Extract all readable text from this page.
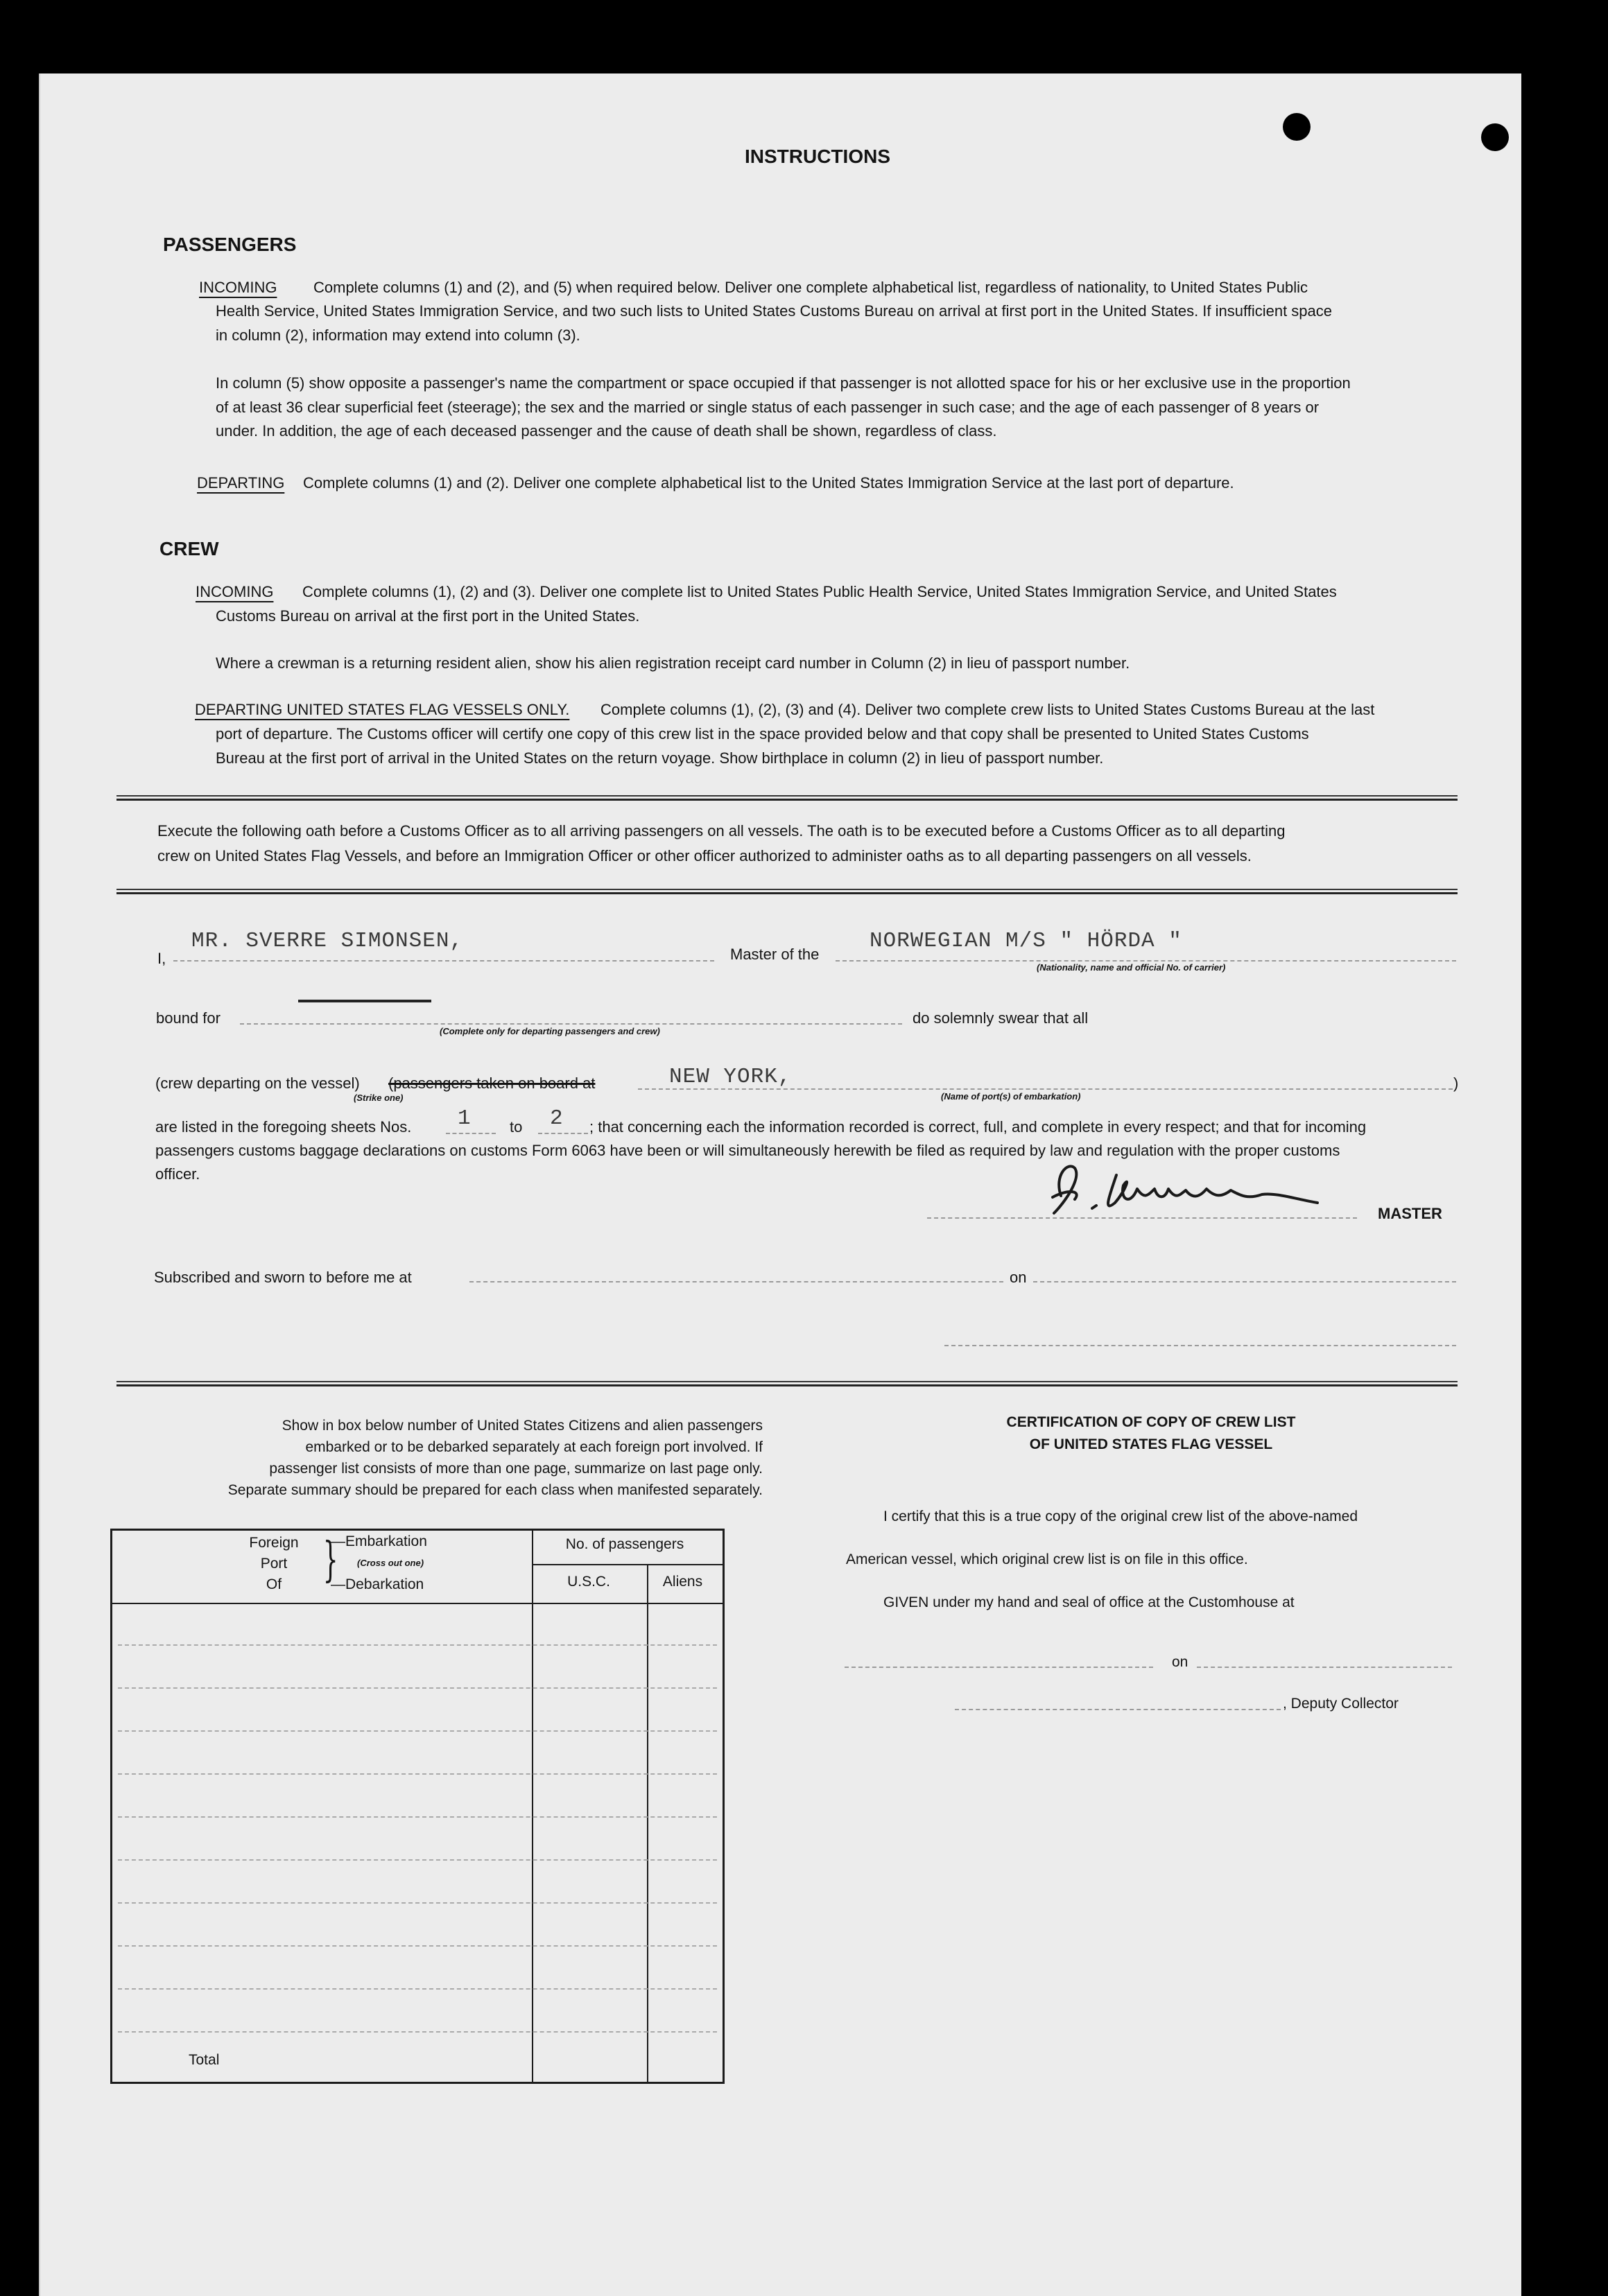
INSTRUCTIONS
PASSENGERS
INCOMING Complete columns (1) and (2), and (5) when required below. Deliver one complete alphabetical list, regardless of nationality, to United States Public
Health Service, United States Immigration Service, and two such lists to United States Customs Bureau on arrival at first port in the United States. If insufficient space
in column (2), information may extend into column (3).
In column (5) show opposite a passenger's name the compartment or space occupied if that passenger is not allotted space for his or her exclusive use in the proportion
of at least 36 clear superficial feet (steerage); the sex and the married or single status of each passenger in such case; and the age of each passenger of 8 years or
under. In addition, the age of each deceased passenger and the cause of death shall be shown, regardless of class.
DEPARTING Complete columns (1) and (2). Deliver one complete alphabetical list to the United States Immigration Service at the last port of departure.
CREW
INCOMING Complete columns (1), (2) and (3). Deliver one complete list to United States Public Health Service, United States Immigration Service, and United States
Customs Bureau on arrival at the first port in the United States.
Where a crewman is a returning resident alien, show his alien registration receipt card number in Column (2) in lieu of passport number.
DEPARTING UNITED STATES FLAG VESSELS ONLY. Complete columns (1), (2), (3) and (4). Deliver two complete crew lists to United States Customs Bureau at the last
port of departure. The Customs officer will certify one copy of this crew list in the space provided below and that copy shall be presented to United States Customs
Bureau at the first port of arrival in the United States on the return voyage. Show birthplace in column (2) in lieu of passport number.
Execute the following oath before a Customs Officer as to all arriving passengers on all vessels. The oath is to be executed before a Customs Officer as to all departing
crew on United States Flag Vessels, and before an Immigration Officer or other officer authorized to administer oaths as to all departing passengers on all vessels.
I,
MR. SVERRE SIMONSEN,
Master of the
NORWEGIAN M/S " HÖRDA "
(Nationality, name and official No. of carrier)
bound for
(Complete only for departing passengers and crew)
do solemnly swear that all
(crew departing on the vessel) (passengers taken on board at
(Strike one)
NEW YORK,
(Name of port(s) of embarkation)
)
are listed in the foregoing sheets Nos. 1	to 2 ; that concerning each the information recorded is correct, full, and complete in every respect; and that for incoming
passengers customs baggage declarations on customs Form 6063 have been or will simultaneously herewith be filed as required by law and regulation with the proper customs
officer.
MASTER
Subscribed and sworn to before me at	on
Show in box below number of United States Citizens and alien passengers
embarked or to be debarked separately at each foreign port involved. If
passenger list consists of more than one page, summarize on last page only.
Separate summary should be prepared for each class when manifested separately.
Foreign
Port
Of }
—Embarkation
(Cross out one)
—Debarkation
No. of passengers
U.S.C.	Aliens
Total
CERTIFICATION OF COPY OF CREW LIST
OF UNITED STATES FLAG VESSEL
I certify that this is a true copy of the original crew list of the above-named
American vessel, which original crew list is on file in this office.
GIVEN under my hand and seal of office at the Customhouse at
on
, Deputy Collector
